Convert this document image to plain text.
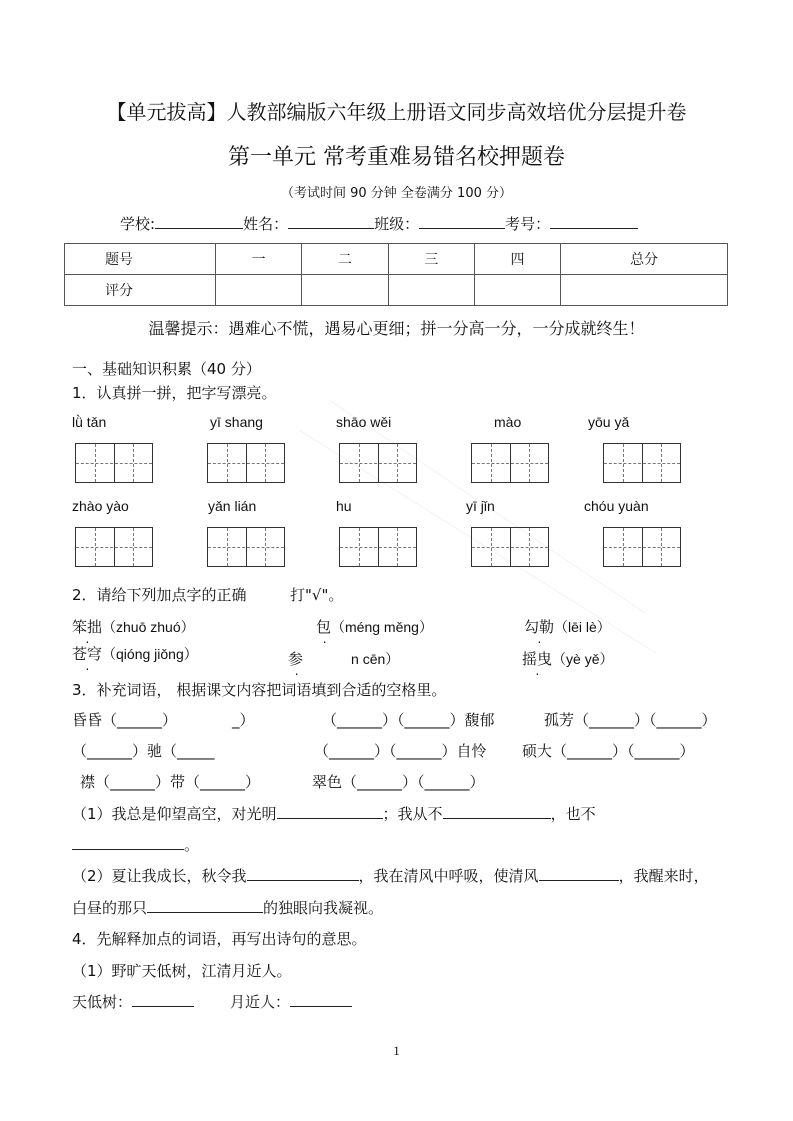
【单元拔高】人教部编版六年级上册语文同步高效培优分层提升卷
第一单元 常考重难易错名校押题卷
（考试时间 90 分钟 全卷满分 100 分）
学校:	姓名：	班级：	考号：
题号	一	二	三	四	总分
评分					
温馨提示：遇难心不慌，遇易心更细；拼一分高一分，一分成就终生！
一、基础知识积累（40 分）
1．认真拼一拼，把字写漂亮。
lǜ tǎn	yī shang	shāo wěi	mào	yōu yǎ
zhào yào	yǎn lián	hu	yī jǐn	chóu yuàn
2．请给下列加点字的正确	打"√"。
笨拙（zhuō zhuó）	包（méng měng）	勾勒（lēi lè）
苍穹（qióng jiǒng）	参	n cēn）	摇曳（yè yě）
3．补充词语， 根据课文内容把词语填到合适的空格里。
昏昏（______）	_）	（______）（______）馥郁	孤芳（______）（______）
（______）驰（_____	（______）（______）自怜 硕大（______）（______）
襟（______）带（______）	翠色（______）（______）
（1）我总是仰望高空，对光明	；我从不	，也不
。
（2）夏让我成长，秋令我	，我在清风中呼吸，使清风	，我醒来时，
白昼的那只	的独眼向我凝视。
4．先解释加点的词语，再写出诗句的意思。
（1）野旷天低树，江清月近人。
天低树：	月近人：
1
